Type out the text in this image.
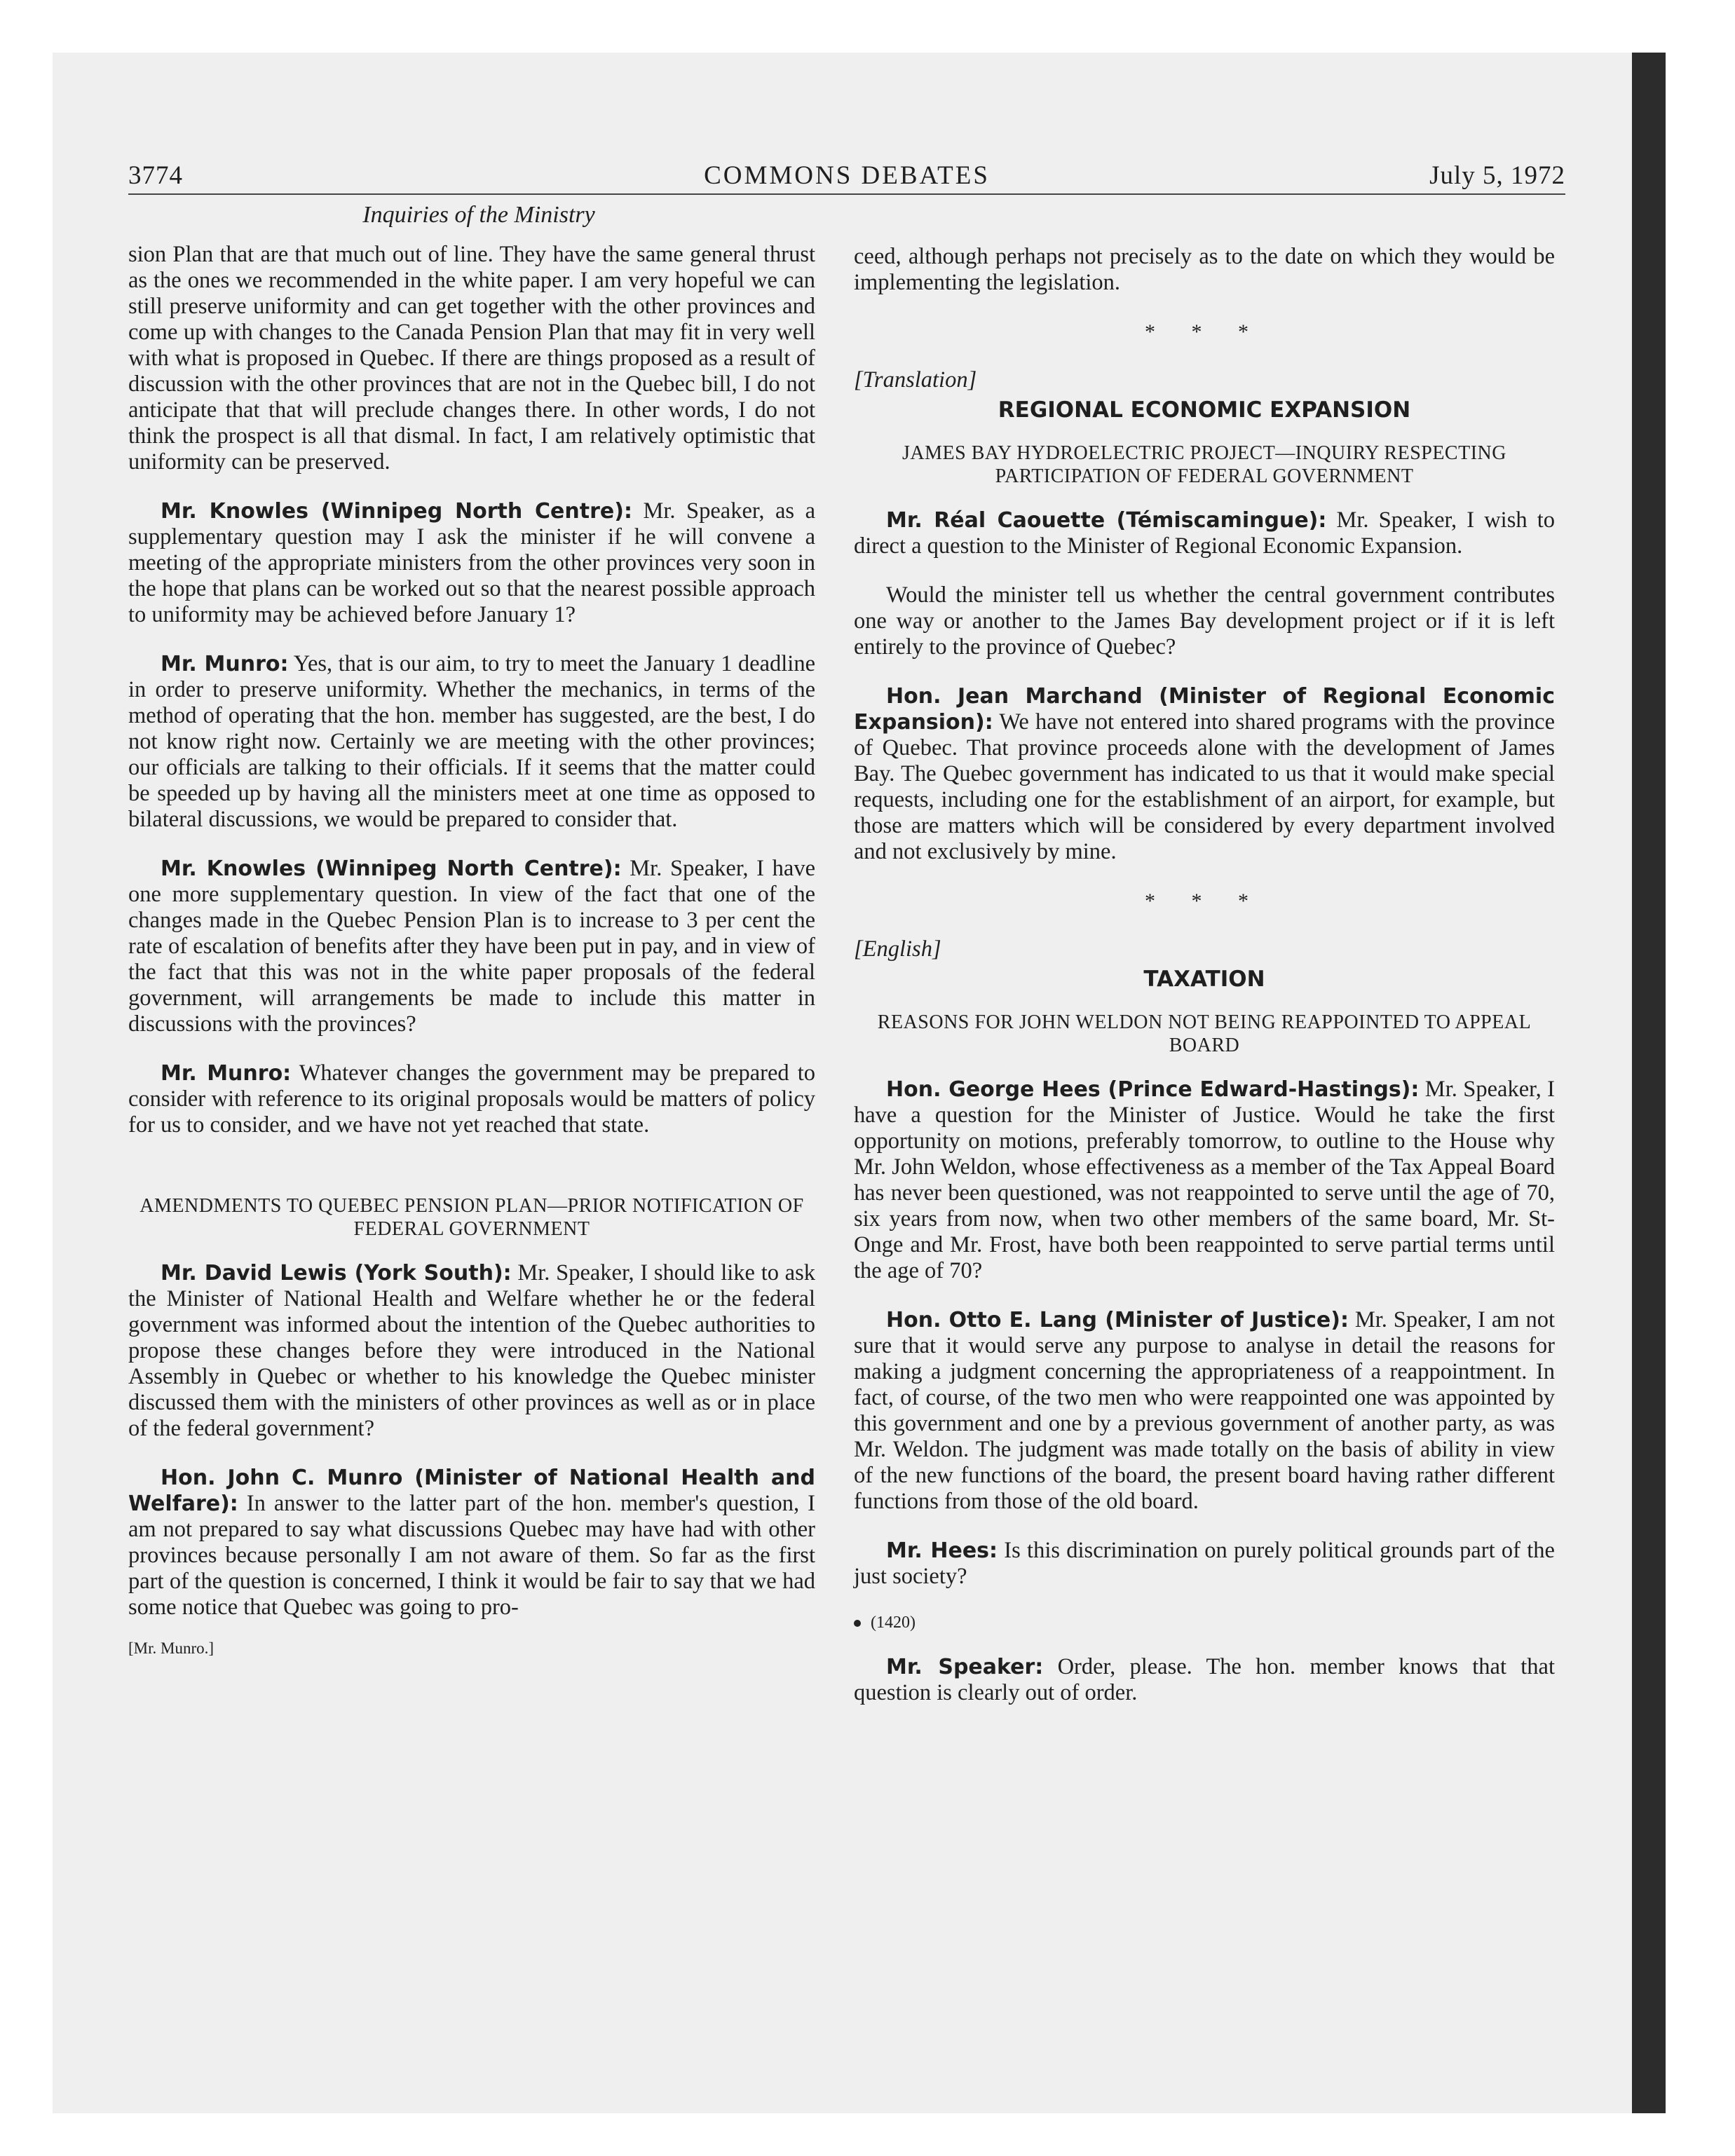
3774	COMMONS DEBATES	July 5, 1972
Inquiries of the Ministry

sion Plan that are that much out of line. They have the same general thrust as the ones we recommended in the white paper. I am very hopeful we can still preserve uniformity and can get together with the other provinces and come up with changes to the Canada Pension Plan that may fit in very well with what is proposed in Quebec. If there are things proposed as a result of discussion with the other provinces that are not in the Quebec bill, I do not anticipate that that will preclude changes there. In other words, I do not think the prospect is all that dismal. In fact, I am relatively optimistic that uniformity can be preserved.

Mr. Knowles (Winnipeg North Centre): Mr. Speaker, as a supplementary question may I ask the minister if he will convene a meeting of the appropriate ministers from the other provinces very soon in the hope that plans can be worked out so that the nearest possible approach to uniformity may be achieved before January 1?

Mr. Munro: Yes, that is our aim, to try to meet the January 1 deadline in order to preserve uniformity. Whether the mechanics, in terms of the method of operating that the hon. member has suggested, are the best, I do not know right now. Certainly we are meeting with the other provinces; our officials are talking to their officials. If it seems that the matter could be speeded up by having all the ministers meet at one time as opposed to bilateral discussions, we would be prepared to consider that.

Mr. Knowles (Winnipeg North Centre): Mr. Speaker, I have one more supplementary question. In view of the fact that one of the changes made in the Quebec Pension Plan is to increase to 3 per cent the rate of escalation of benefits after they have been put in pay, and in view of the fact that this was not in the white paper proposals of the federal government, will arrangements be made to include this matter in discussions with the provinces?

Mr. Munro: Whatever changes the government may be prepared to consider with reference to its original proposals would be matters of policy for us to consider, and we have not yet reached that state.

AMENDMENTS TO QUEBEC PENSION PLAN—PRIOR NOTIFICATION OF FEDERAL GOVERNMENT

Mr. David Lewis (York South): Mr. Speaker, I should like to ask the Minister of National Health and Welfare whether he or the federal government was informed about the intention of the Quebec authorities to propose these changes before they were introduced in the National Assembly in Quebec or whether to his knowledge the Quebec minister discussed them with the ministers of other provinces as well as or in place of the federal government?

Hon. John C. Munro (Minister of National Health and Welfare): In answer to the latter part of the hon. member's question, I am not prepared to say what discussions Quebec may have had with other provinces because personally I am not aware of them. So far as the first part of the question is concerned, I think it would be fair to say that we had some notice that Quebec was going to pro-

[Mr. Munro.]

ceed, although perhaps not precisely as to the date on which they would be implementing the legislation.

* * *
[Translation]
REGIONAL ECONOMIC EXPANSION
JAMES BAY HYDROELECTRIC PROJECT—INQUIRY RESPECTING PARTICIPATION OF FEDERAL GOVERNMENT

Mr. Réal Caouette (Témiscamingue): Mr. Speaker, I wish to direct a question to the Minister of Regional Economic Expansion.

Would the minister tell us whether the central government contributes one way or another to the James Bay development project or if it is left entirely to the province of Quebec?

Hon. Jean Marchand (Minister of Regional Economic Expansion): We have not entered into shared programs with the province of Quebec. That province proceeds alone with the development of James Bay. The Quebec government has indicated to us that it would make special requests, including one for the establishment of an airport, for example, but those are matters which will be considered by every department involved and not exclusively by mine.

* * *
[English]
TAXATION
REASONS FOR JOHN WELDON NOT BEING REAPPOINTED TO APPEAL BOARD

Hon. George Hees (Prince Edward-Hastings): Mr. Speaker, I have a question for the Minister of Justice. Would he take the first opportunity on motions, preferably tomorrow, to outline to the House why Mr. John Weldon, whose effectiveness as a member of the Tax Appeal Board has never been questioned, was not reappointed to serve until the age of 70, six years from now, when two other members of the same board, Mr. St-Onge and Mr. Frost, have both been reappointed to serve partial terms until the age of 70?

Hon. Otto E. Lang (Minister of Justice): Mr. Speaker, I am not sure that it would serve any purpose to analyse in detail the reasons for making a judgment concerning the appropriateness of a reappointment. In fact, of course, of the two men who were reappointed one was appointed by this government and one by a previous government of another party, as was Mr. Weldon. The judgment was made totally on the basis of ability in view of the new functions of the board, the present board having rather different functions from those of the old board.

Mr. Hees: Is this discrimination on purely political grounds part of the just society?

(1420)

Mr. Speaker: Order, please. The hon. member knows that that question is clearly out of order.
